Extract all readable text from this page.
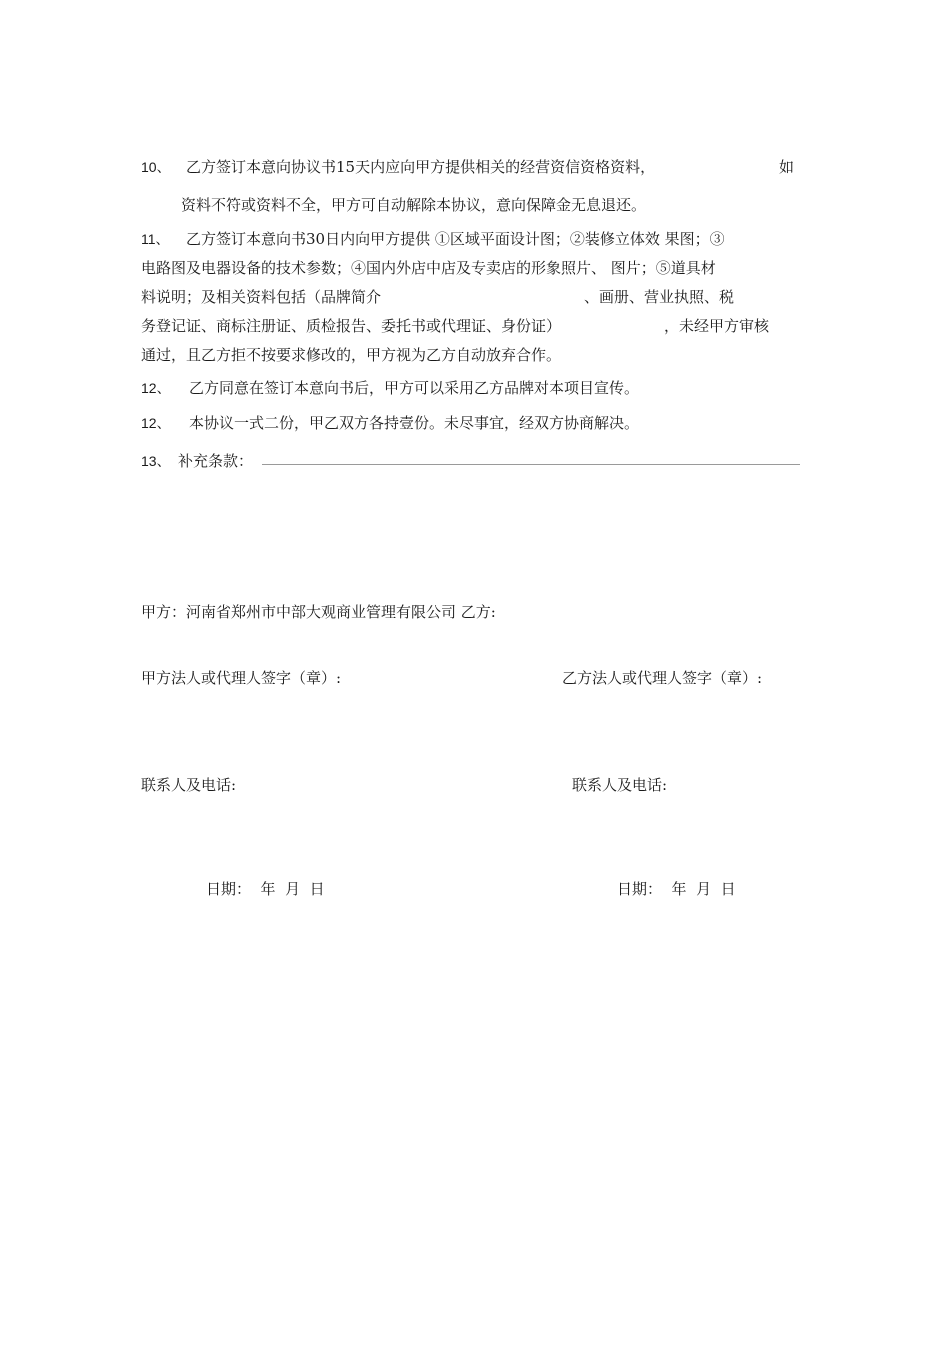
10、 乙方签订本意向协议书15天内应向甲方提供相关的经营资信资格资料，	如
资料不符或资料不全，甲方可自动解除本协议，意向保障金无息退还。
11、 乙方签订本意向书30日内向甲方提供 ①区域平面设计图；②装修立体效 果图；③
电路图及电器设备的技术参数；④国内外店中店及专卖店的形象照片、 图片；⑤道具材
料说明；及相关资料包括（品牌简介	、画册、营业执照、税
务登记证、商标注册证、质检报告、委托书或代理证、身份证）	，未经甲方审核
通过，且乙方拒不按要求修改的，甲方视为乙方自动放弃合作。
12、 乙方同意在签订本意向书后，甲方可以采用乙方品牌对本项目宣传。
12、 本协议一式二份，甲乙双方各持壹份。未尽事宜，经双方协商解决。
13、 补充条款：
甲方：河南省郑州市中部大观商业管理有限公司 乙方:
甲方法人或代理人签字（章）:	乙方法人或代理人签字（章）:
联系人及电话:	联系人及电话:
日期：  年  月  日	日期：  年  月  日
